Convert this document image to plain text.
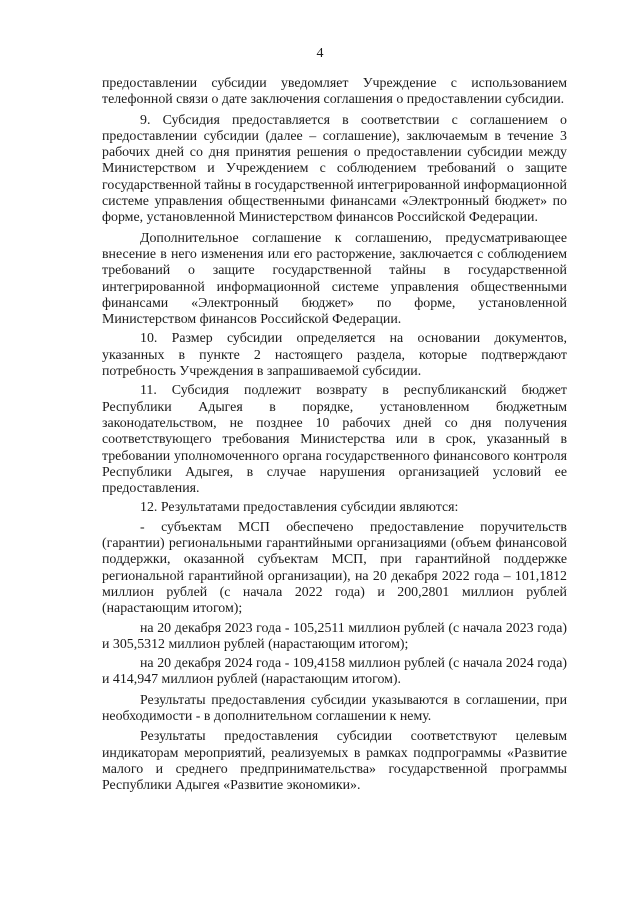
4

предоставлении субсидии уведомляет Учреждение с использованием телефонной связи о дате заключения соглашения о предоставлении субсидии.

9. Субсидия предоставляется в соответствии с соглашением о предоставлении субсидии (далее – соглашение), заключаемым в течение 3 рабочих дней со дня принятия решения о предоставлении субсидии между Министерством и Учреждением с соблюдением требований о защите государственной тайны в государственной интегрированной информационной системе управления общественными финансами «Электронный бюджет» по форме, установленной Министерством финансов Российской Федерации.

Дополнительное соглашение к соглашению, предусматривающее внесение в него изменения или его расторжение, заключается с соблюдением требований о защите государственной тайны в государственной интегрированной информационной системе управления общественными финансами «Электронный бюджет» по форме, установленной Министерством финансов Российской Федерации.

10. Размер субсидии определяется на основании документов, указанных в пункте 2 настоящего раздела, которые подтверждают потребность Учреждения в запрашиваемой субсидии.

11. Субсидия подлежит возврату в республиканский бюджет Республики Адыгея в порядке, установленном бюджетным законодательством, не позднее 10 рабочих дней со дня получения соответствующего требования Министерства или в срок, указанный в требовании уполномоченного органа государственного финансового контроля Республики Адыгея, в случае нарушения организацией условий ее предоставления.

12. Результатами предоставления субсидии являются:

- субъектам МСП обеспечено предоставление поручительств (гарантии) региональными гарантийными организациями (объем финансовой поддержки, оказанной субъектам МСП, при гарантийной поддержке региональной гарантийной организации), на 20 декабря 2022 года – 101,1812 миллион рублей (с начала 2022 года) и 200,2801 миллион рублей (нарастающим итогом);

на 20 декабря 2023 года - 105,2511 миллион рублей (с начала 2023 года) и 305,5312 миллион рублей (нарастающим итогом);

на 20 декабря 2024 года - 109,4158 миллион рублей (с начала 2024 года) и 414,947 миллион рублей (нарастающим итогом).

Результаты предоставления субсидии указываются в соглашении, при необходимости - в дополнительном соглашении к нему.

Результаты предоставления субсидии соответствуют целевым индикаторам мероприятий, реализуемых в рамках подпрограммы «Развитие малого и среднего предпринимательства» государственной программы Республики Адыгея «Развитие экономики».
